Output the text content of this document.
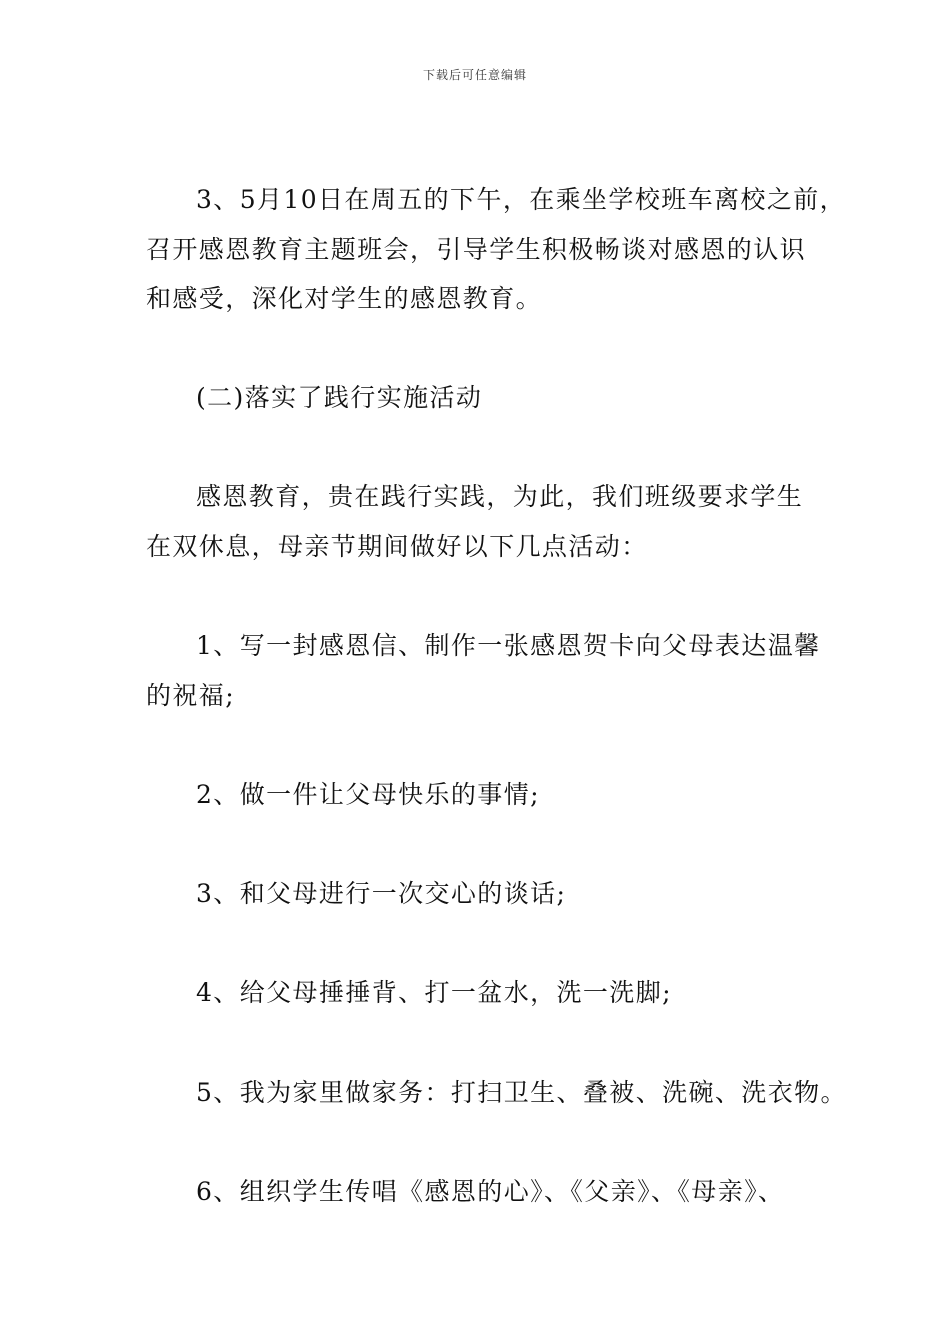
下载后可任意编辑
3、5月10日在周五的下午，在乘坐学校班车离校之前，
召开感恩教育主题班会，引导学生积极畅谈对感恩的认识
和感受，深化对学生的感恩教育。
(二)落实了践行实施活动
感恩教育，贵在践行实践，为此，我们班级要求学生
在双休息，母亲节期间做好以下几点活动：
1、写一封感恩信、制作一张感恩贺卡向父母表达温馨
的祝福;
2、做一件让父母快乐的事情;
3、和父母进行一次交心的谈话;
4、给父母捶捶背、打一盆水，洗一洗脚;
5、我为家里做家务：打扫卫生、叠被、洗碗、洗衣物。
6、组织学生传唱《感恩的心》、《父亲》、《母亲》、
